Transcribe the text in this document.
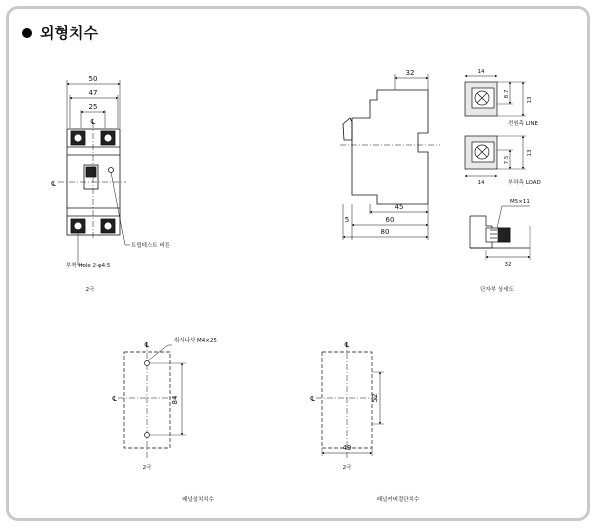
외형치수
50
47
25
℄
℄
트립테스트 버튼
부착 Hole 2-φ4.5
2극
32
45
60
5
80
14
8.7
13
전원측 LINE
7.5
13
14	부하측 LOAD
M5×11
32
단자부 상세도
℄
℄
취시나사 M4×25
84
2극
패널설치치수
℄
℄	52
49
2극
패널커버절단치수
